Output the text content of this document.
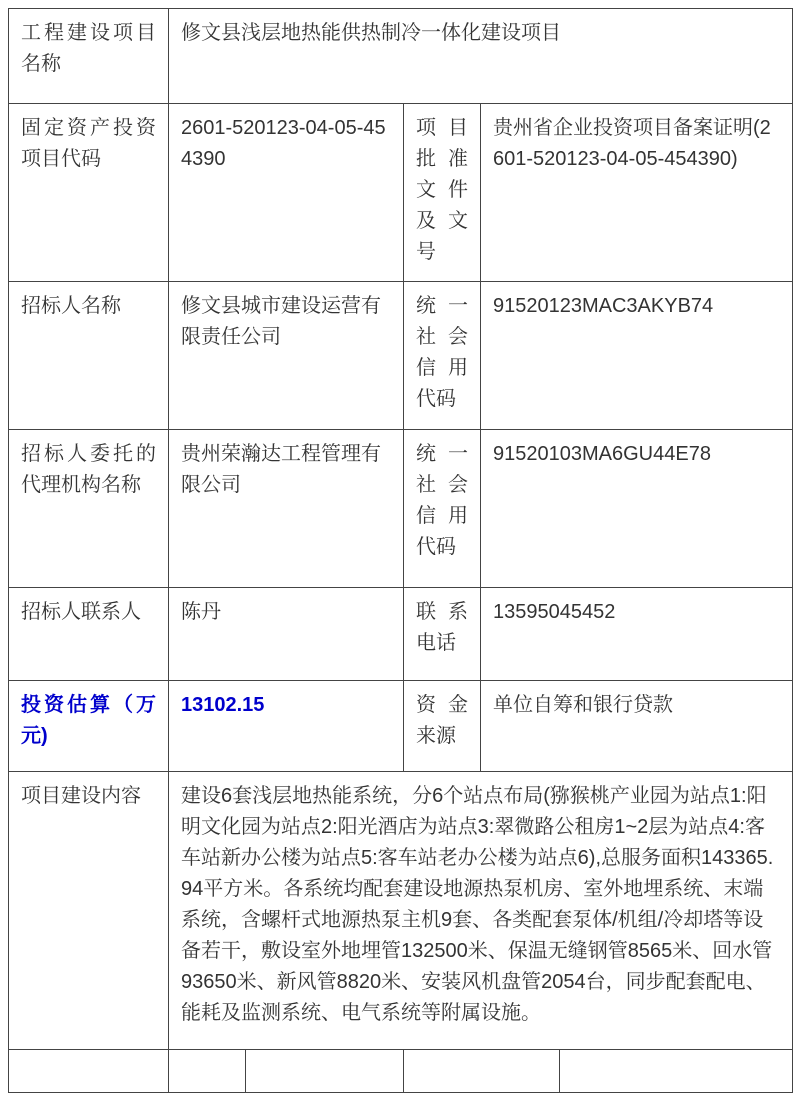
工程建设项目名称	修文县浅层地热能供热制冷一体化建设项目		
固定资产投资项目代码	2601-520123-04-05-454390	项目批准文件及文号	贵州省企业投资项目备案证明(2601-520123-04-05-454390)
招标人名称	修文县城市建设运营有限责任公司	统一社会信用代码	91520123MAC3AKYB74
招标人委托的代理机构名称	贵州荣瀚达工程管理有限公司	统一社会信用代码	91520103MA6GU44E78
招标人联系人	陈丹	联系电话	13595045452
投资估算（万元)	13102.15	资金来源	单位自筹和银行贷款
项目建设内容	建设6套浅层地热能系统，分6个站点布局(猕猴桃产业园为站点1:阳明文化园为站点2:阳光酒店为站点3:翠微路公租房1~2层为站点4:客车站新办公楼为站点5:客车站老办公楼为站点6),总服务面积143365.94平方米。各系统均配套建设地源热泵机房、室外地埋系统、末端系统，含螺杆式地源热泵主机9套、各类配套泵体/机组/冷却塔等设备若干，敷设室外地埋管132500米、保温无缝钢管8565米、回水管93650米、新风管8820米、安装风机盘管2054台，同步配套配电、能耗及监测系统、电气系统等附属设施。		
